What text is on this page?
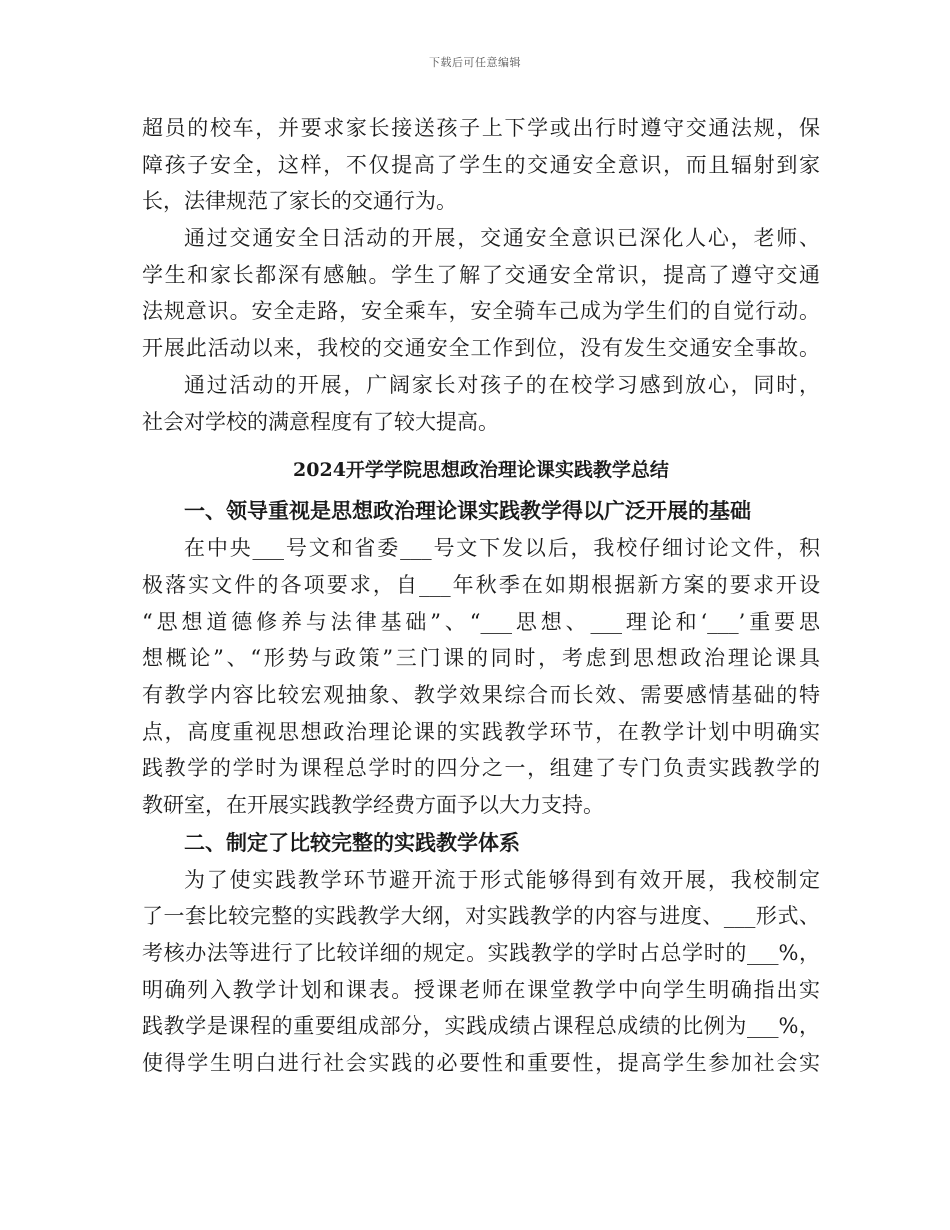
下载后可任意编辑
超员的校车，并要求家长接送孩子上下学或出行时遵守交通法规，保
障孩子安全，这样，不仅提高了学生的交通安全意识，而且辐射到家
长，法律规范了家长的交通行为。
通过交通安全日活动的开展，交通安全意识已深化人心，老师、
学生和家长都深有感触。学生了解了交通安全常识，提高了遵守交通
法规意识。安全走路，安全乘车，安全骑车己成为学生们的自觉行动。
开展此活动以来，我校的交通安全工作到位，没有发生交通安全事故。
通过活动的开展，广阔家长对孩子的在校学习感到放心，同时，
社会对学校的满意程度有了较大提高。
2024开学学院思想政治理论课实践教学总结
一、领导重视是思想政治理论课实践教学得以广泛开展的基础
在中央___号文和省委___号文下发以后，我校仔细讨论文件，积
极落实文件的各项要求，自___年秋季在如期根据新方案的要求开设
“思想道德修养与法律基础”、“___思想、___理论和‘___’重要思
想概论”、“形势与政策”三门课的同时，考虑到思想政治理论课具
有教学内容比较宏观抽象、教学效果综合而长效、需要感情基础的特
点，高度重视思想政治理论课的实践教学环节，在教学计划中明确实
践教学的学时为课程总学时的四分之一，组建了专门负责实践教学的
教研室，在开展实践教学经费方面予以大力支持。
二、制定了比较完整的实践教学体系
为了使实践教学环节避开流于形式能够得到有效开展，我校制定
了一套比较完整的实践教学大纲，对实践教学的内容与进度、___形式、
考核办法等进行了比较详细的规定。实践教学的学时占总学时的___%，
明确列入教学计划和课表。授课老师在课堂教学中向学生明确指出实
践教学是课程的重要组成部分，实践成绩占课程总成绩的比例为___%，
使得学生明白进行社会实践的必要性和重要性，提高学生参加社会实
